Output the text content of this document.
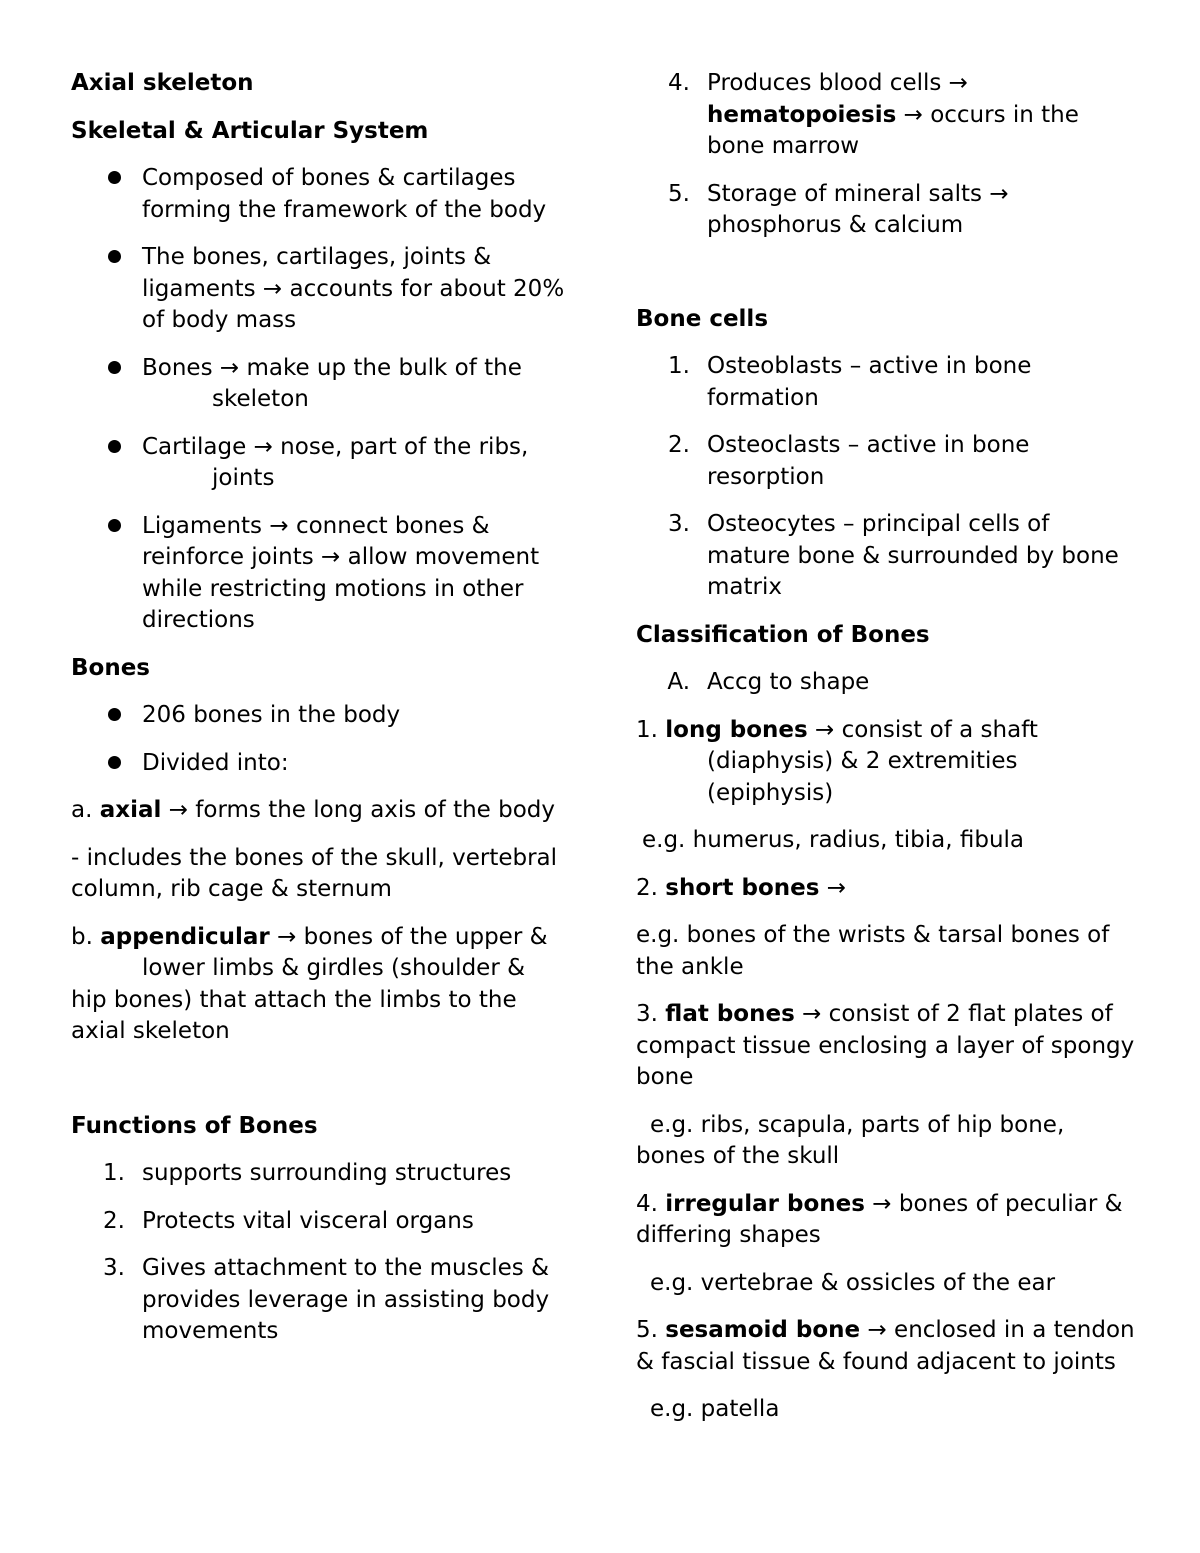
Axial skeleton
Skeletal & Articular System
Composed of bones & cartilages forming the framework of the body
The bones, cartilages, joints & ligaments → accounts for about 20% of body mass
Bones → make up the bulk of the
skeleton
Cartilage → nose, part of the ribs,
joints
Ligaments → connect bones & reinforce joints → allow movement while restricting motions in other directions
Bones
206 bones in the body
Divided into:
a. axial → forms the long axis of the body
- includes the bones of the skull, vertebral column, rib cage & sternum
b. appendicular → bones of the upper &
lower limbs & girdles (shoulder &
hip bones) that attach the limbs to the axial skeleton
Functions of Bones
1. supports surrounding structures
2. Protects vital visceral organs
3. Gives attachment to the muscles & provides leverage in assisting body movements
4. Produces blood cells → hematopoiesis → occurs in the bone marrow
5. Storage of mineral salts → phosphorus & calcium
Bone cells
1. Osteoblasts – active in bone formation
2. Osteoclasts – active in bone resorption
3. Osteocytes – principal cells of mature bone & surrounded by bone matrix
Classification of Bones
A. Accg to shape
1. long bones → consist of a shaft
(diaphysis) & 2 extremities (epiphysis)
e.g. humerus, radius, tibia, fibula
2. short bones →
e.g. bones of the wrists & tarsal bones of the ankle
3. flat bones → consist of 2 flat plates of compact tissue enclosing a layer of spongy bone
e.g. ribs, scapula, parts of hip bone, bones of the skull
4. irregular bones → bones of peculiar & differing shapes
e.g. vertebrae & ossicles of the ear
5. sesamoid bone → enclosed in a tendon & fascial tissue & found adjacent to joints
e.g. patella
